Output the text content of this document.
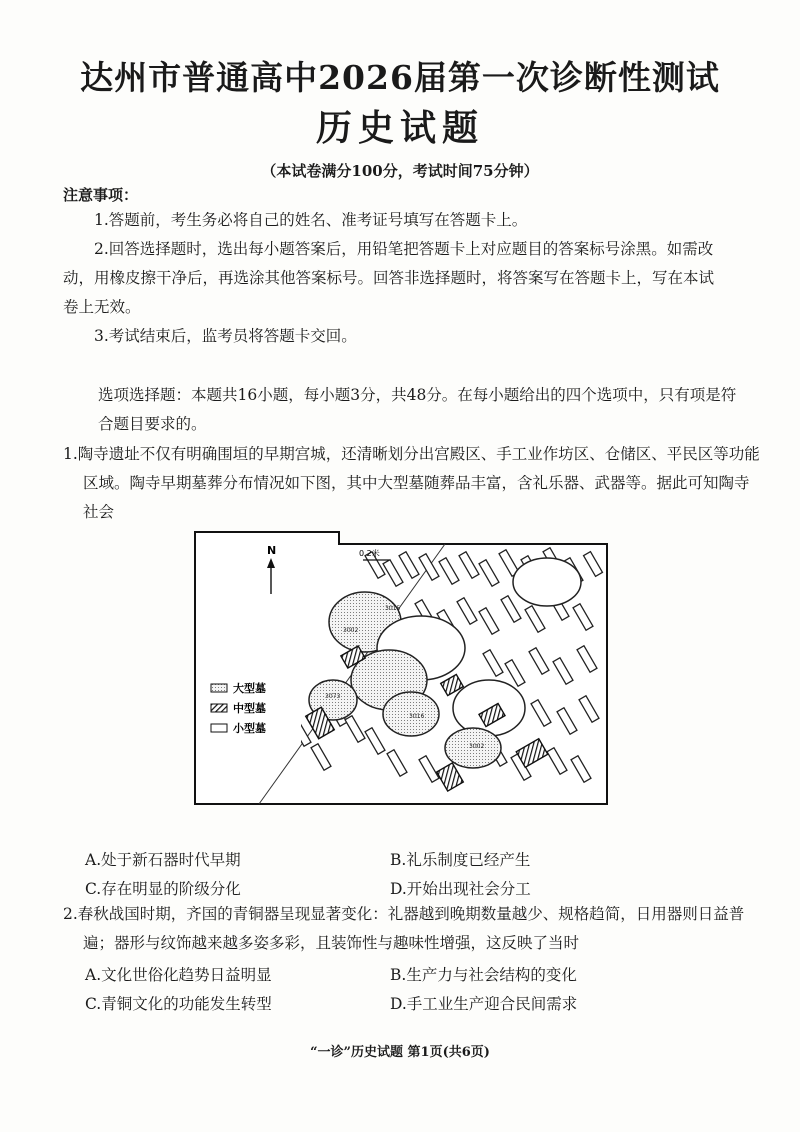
达州市普通高中2026届第一次诊断性测试
历史试题
（本试卷满分100分，考试时间75分钟）
注意事项：
1.答题前，考生务必将自己的姓名、准考证号填写在答题卡上。
2.回答选择题时，选出每小题答案后，用铅笔把答题卡上对应题目的答案标号涂黑。如需改动，用橡皮擦干净后，再选涂其他答案标号。回答非选择题时，将答案写在答题卡上，写在本试卷上无效。
3.考试结束后，监考员将答题卡交回。
选项选择题：本题共16小题，每小题3分，共48分。在每小题给出的四个选项中，只有项是符合题目要求的。
1.陶寺遗址不仅有明确围垣的早期宫城，还清晰划分出宫殿区、手工业作坊区、仓储区、平民区等功能区域。陶寺早期墓葬分布情况如下图，其中大型墓随葬品丰富，含礼乐器、武器等。据此可知陶寺社会
3002
3015
3016
3073
3002
N	0 2米
大型墓
中型墓
小型墓
A.处于新石器时代早期	B.礼乐制度已经产生
C.存在明显的阶级分化	D.开始出现社会分工
2.春秋战国时期，齐国的青铜器呈现显著变化：礼器越到晚期数量越少、规格趋简，日用器则日益普遍；器形与纹饰越来越多姿多彩，且装饰性与趣味性增强，这反映了当时
A.文化世俗化趋势日益明显	B.生产力与社会结构的变化
C.青铜文化的功能发生转型	D.手工业生产迎合民间需求
“一诊”历史试题 第1页(共6页)
